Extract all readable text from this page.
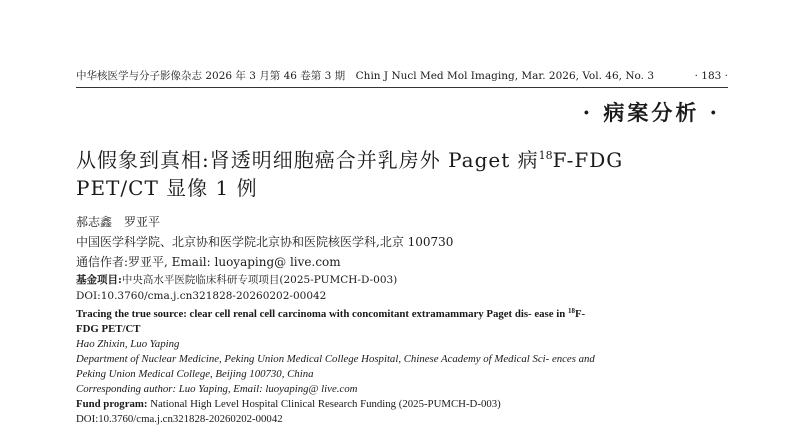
中华核医学与分子影像杂志 2026 年 3 月第 46 卷第 3 期　Chin J Nucl Med Mol Imaging, Mar. 2026, Vol. 46, No. 3	· 183 ·
· 病案分析 ·
从假象到真相:肾透明细胞癌合并乳房外 Paget 病$^{18}$F-FDG
PET/CT 显像 1 例
郝志鑫　罗亚平
中国医学科学院、北京协和医学院北京协和医院核医学科,北京 100730
通信作者:罗亚平, Email: luoyaping@ live.com
基金项目:中央高水平医院临床科研专项项目(2025-PUMCH-D-003)
DOI:10.3760/cma.j.cn321828-20260202-00042
Tracing the true source: clear cell renal cell carcinoma with concomitant extramammary Paget dis- ease in $^{18}$F-FDG PET/CT
Hao Zhixin, Luo Yaping
Department of Nuclear Medicine, Peking Union Medical College Hospital, Chinese Academy of Medical Sci- ences and Peking Union Medical College, Beijing 100730, China
Corresponding author: Luo Yaping, Email: luoyaping@ live.com
Fund program: National High Level Hospital Clinical Research Funding (2025-PUMCH-D-003)
DOI:10.3760/cma.j.cn321828-20260202-00042
